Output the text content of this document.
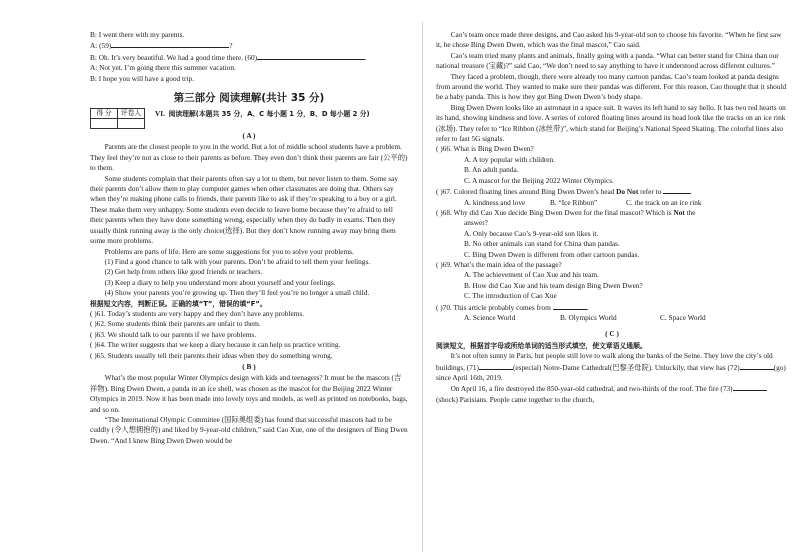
B: I went there with my parents.

A: (59)	?

B: Oh. It’s very beautiful. We had a good time there. (60)	.

A: Not yet. I’m going there this summer vacation.

B: I hope you will have a good trip.

第三部分 阅读理解(共计 35 分)
得 分	评卷人
	VI. 阅读理解(本题共 35 分，A、C 每小题 1 分，B、D 每小题 2 分)

( A )

Parents are the closest people to you in the world. But a lot of middle school students have a problem. They feel they’re not as close to their parents as before. They even don’t think their parents are fair (公平的) to them.

Some students complain that their parents often say a lot to them, but never listen to them. Some say their parents don’t allow them to play computer games when other classmates are doing that. Others say when they’re making phone calls to friends, their parents like to ask if they’re speaking to a boy or a girl. These make them very unhappy. Some students even decide to leave home because they’re afraid to tell their parents when they have done something wrong, especially when they do badly in exams. Then they usually think running away is the only choice(选择). But they don’t know running away may bring them some more problems.

Problems are parts of life. Here are some suggestions for you to solve your problems.

(1) Find a good chance to talk with your parents. Don’t be afraid to tell them your feelings.

(2) Get help from others like good friends or teachers.

(3) Keep a diary to help you understand more about yourself and your feelings.

(4) Show your parents you’re growing up. Then they’ll feel you’re no longer a small child.

根据短文内容，判断正误。正确的填“T”，错误的填“F”。

( )61. Today’s students are very happy and they don’t have any problems.

( )62. Some students think their parents are unfair to them.

( )63. We should talk to our parents if we have problems.

( )64. The writer suggests that we keep a diary because it can help us practice writing.

( )65. Students usually tell their parents their ideas when they do something wrong.

( B )

What’s the most popular Winter Olympics design with kids and teenagers? It must be the mascots (吉祥物). Bing Dwen Dwen, a panda in an ice shell, was chosen as the mascot for the Beijing 2022 Winter Olympics in 2019. Now it has been made into lovely toys and models, as well as printed on notebooks, bags, and so on.

“The International Olympic Committee (国际奥组委) has found that successful mascots had to be cuddly (令人想拥抱的) and liked by 9-year-old children,” said Cao Xue, one of the designers of Bing Dwen Dwen. “And I knew Bing Dwen Dwen would be

Cao’s team once made three designs, and Cao asked his 9-year-old son to choose his favorite. “When he first saw it, he chose Bing Dwen Dwen, which was the final mascot,” Cao said.

Cao’s team tried many plants and animals, finally going with a panda. “What can better stand for China than our national treasure (宝藏)?” said Cao, “We don’t need to say anything to have it understood across different cultures.”

They faced a problem, though, there were already too many cartoon pandas. Cao’s team looked at panda designs from around the world. They wanted to make sure their pandas was different. For this reason, Cao thought that it should be a baby panda. This is how they got Bing Dwen Dwen’s body shape.

Bing Dwen Dwen looks like an astronaut in a space suit. It waves its left hand to say hello. It has two red hearts on its hand, showing kindness and love. A series of colored floating lines around its head look like the tracks on an ice rink (冰场). They refer to “Ice Ribbon (冰丝带)”, which stand for Beijing’s National Speed Skating. The colorful lines also refer to fast 5G signals.

( )66. What is Bing Dwen Dwen?

A. A toy popular with children.

B. An adult panda.

C. A mascot for the Beijing 2022 Winter Olympics.

( )67. Colored floating lines around Bing Dwen Dwen’s head Do Not refer to

A. kindness and love	B. “Ice Ribbon”	C. the track on an ice rink

( )68. Why did Cao Xue decide Bing Dwen Dwen for the final mascot? Which is Not the

answer?

A. Only because Cao’s 9-year-old son likes it.

B. No other animals can stand for China than pandas.

C. Bing Dwen Dwen is different from other cartoon pandas.

( )69. What’s the main idea of the passage?

A. The achievement of Cao Xue and his team.

B. How did Cao Xue and his team design Bing Dwen Dwen?

C. The introduction of Cao Xue

( )70. This article probably comes from	.

A. Science World	B. Olympics World	C. Space World

( C )

阅读短文，根据首字母或所给单词的适当形式填空，使文章语义通顺。

It’s not often sunny in Paris, but people still love to walk along the banks of the Seine. They love the city’s old buildings, (71)	(especial) Notre-Dame Cathedral(巴黎圣母院). Unluckily, that view has (72)	(go) since April 16th, 2019.

On April 16, a fire destroyed the 850-year-old cathedral, and two-thirds of the roof. The fire (73)(shock) Parisians. People came together to the church,
